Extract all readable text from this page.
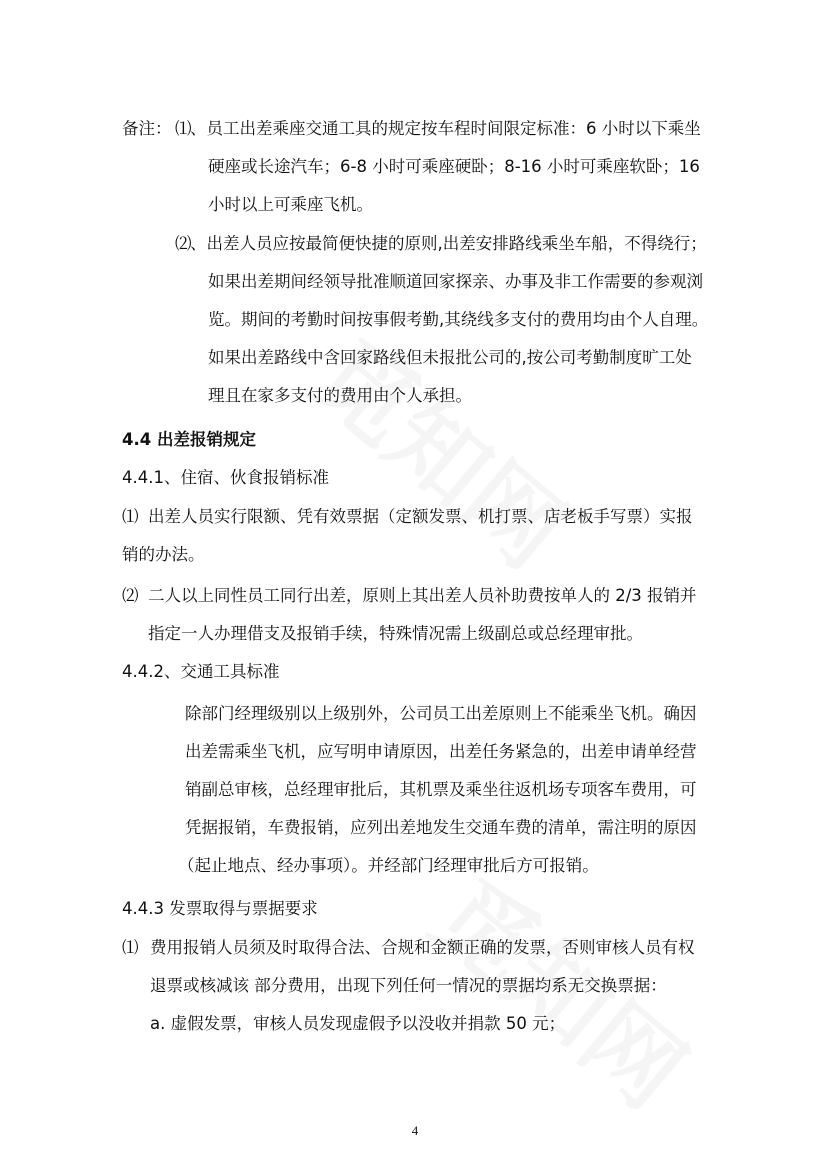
备注： ⑴
、员工出差乘座交通工具的规定按车程时间限定标准：6 小时以下乘坐
硬座或长途汽车；6-8 小时可乘座硬卧；8-16 小时可乘座软卧；16
小时以上可乘座飞机。
⑵
、出差人员应按最简便快捷的原则,出差安排路线乘坐车船，不得绕行；
如果出差期间经领导批准顺道回家探亲、办事及非工作需要的参观浏
览。期间的考勤时间按事假考勤,其绕线多支付的费用均由个人自理。
如果出差路线中含回家路线但未报批公司的,按公司考勤制度旷工处
理且在家多支付的费用由个人承担。
4.4 出差报销规定
4.4.1、住宿、伙食报销标准
⑴ 出差人员实行限额、凭有效票据（定额发票、机打票、店老板手写票）实报
销的办法。
⑵ 二人以上同性员工同行出差，原则上其出差人员补助费按单人的 2/3 报销并
指定一人办理借支及报销手续，特殊情况需上级副总或总经理审批。
4.4.2、交通工具标准
除部门经理级别以上级别外，公司员工出差原则上不能乘坐飞机。确因
出差需乘坐飞机，应写明申请原因，出差任务紧急的，出差申请单经营
销副总审核，总经理审批后，其机票及乘坐往返机场专项客车费用，可
凭据报销，车费报销，应列出差地发生交通车费的清单，需注明的原因
（起止地点、经办事项）。并经部门经理审批后方可报销。
4.4.3 发票取得与票据要求
⑴ 费用报销人员须及时取得合法、合规和金额正确的发票，否则审核人员有权
退票或核减该 部分费用，出现下列任何一情况的票据均系无交换票据：
a. 虚假发票，审核人员发现虚假予以没收并捐款 50 元；
4
